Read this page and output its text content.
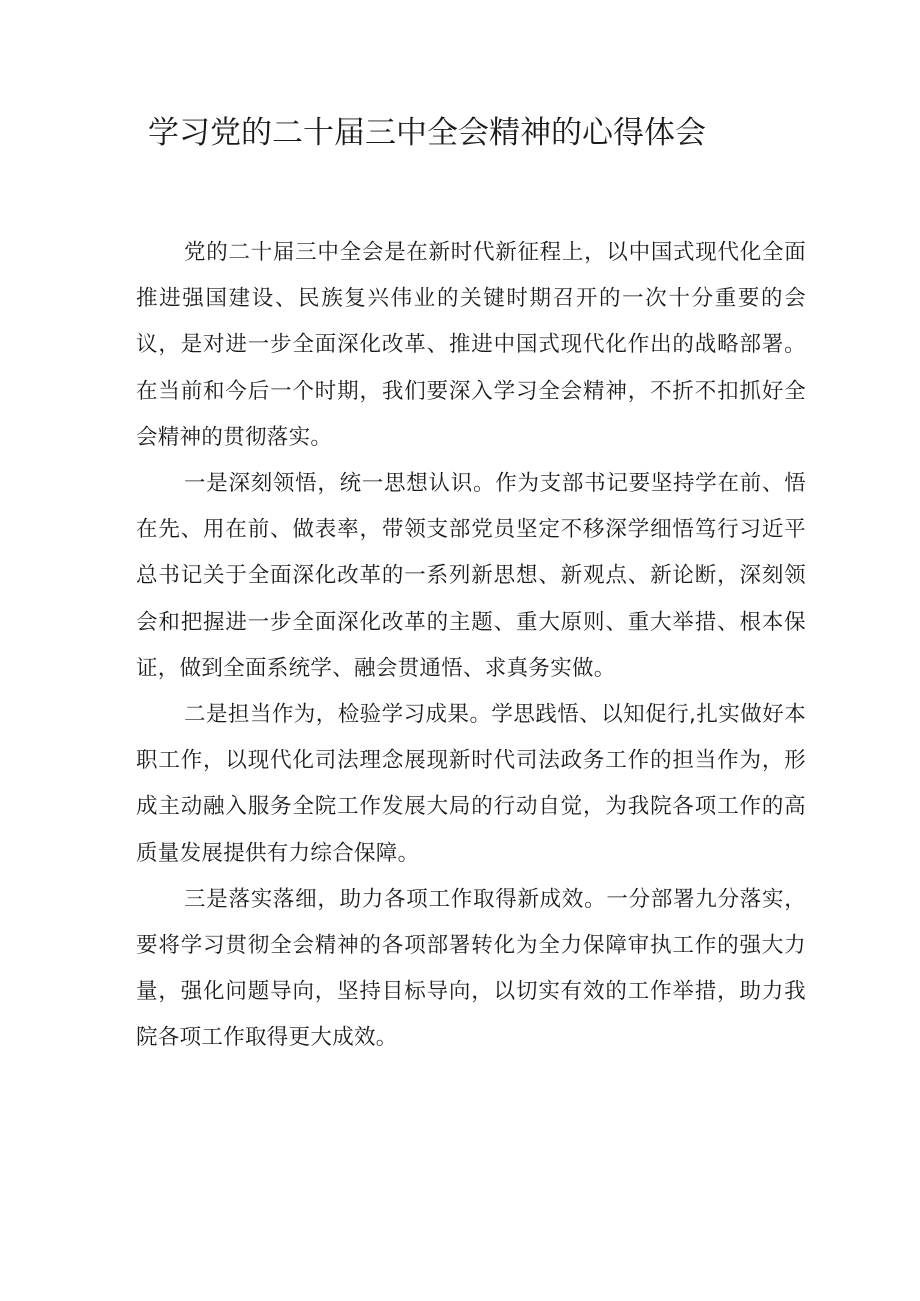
学习党的二十届三中全会精神的心得体会

党的二十届三中全会是在新时代新征程上，以中国式现代化全面推进强国建设、民族复兴伟业的关键时期召开的一次十分重要的会议，是对进一步全面深化改革、推进中国式现代化作出的战略部署。在当前和今后一个时期，我们要深入学习全会精神，不折不扣抓好全会精神的贯彻落实。

一是深刻领悟，统一思想认识。作为支部书记要坚持学在前、悟在先、用在前、做表率，带领支部党员坚定不移深学细悟笃行习近平总书记关于全面深化改革的一系列新思想、新观点、新论断，深刻领会和把握进一步全面深化改革的主题、重大原则、重大举措、根本保证，做到全面系统学、融会贯通悟、求真务实做。

二是担当作为，检验学习成果。学思践悟、以知促行,扎实做好本职工作，以现代化司法理念展现新时代司法政务工作的担当作为，形成主动融入服务全院工作发展大局的行动自觉，为我院各项工作的高质量发展提供有力综合保障。

三是落实落细，助力各项工作取得新成效。一分部署九分落实，要将学习贯彻全会精神的各项部署转化为全力保障审执工作的强大力量，强化问题导向，坚持目标导向，以切实有效的工作举措，助力我院各项工作取得更大成效。
